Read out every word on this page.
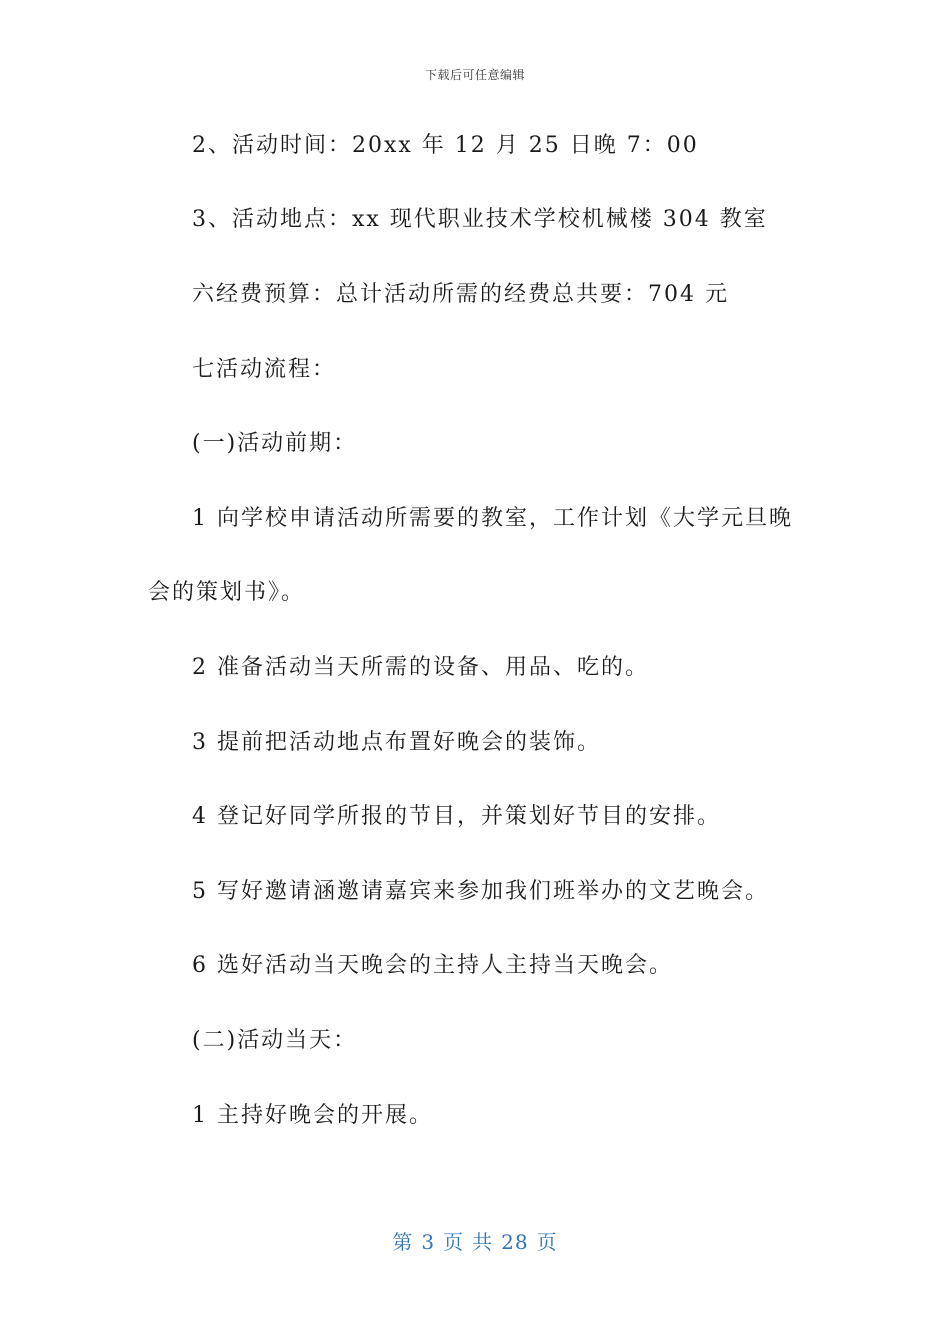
下载后可任意编辑
2、活动时间：20xx 年 12 月 25 日晚 7：00
3、活动地点：xx 现代职业技术学校机械楼 304 教室
六经费预算：总计活动所需的经费总共要：704 元
七活动流程：
(一)活动前期：
1 向学校申请活动所需要的教室，工作计划《大学元旦晚
会的策划书》。
2 准备活动当天所需的设备、用品、吃的。
3 提前把活动地点布置好晚会的装饰。
4 登记好同学所报的节目，并策划好节目的安排。
5 写好邀请涵邀请嘉宾来参加我们班举办的文艺晚会。
6 选好活动当天晚会的主持人主持当天晚会。
(二)活动当天：
1 主持好晚会的开展。
第 3 页 共 28 页
